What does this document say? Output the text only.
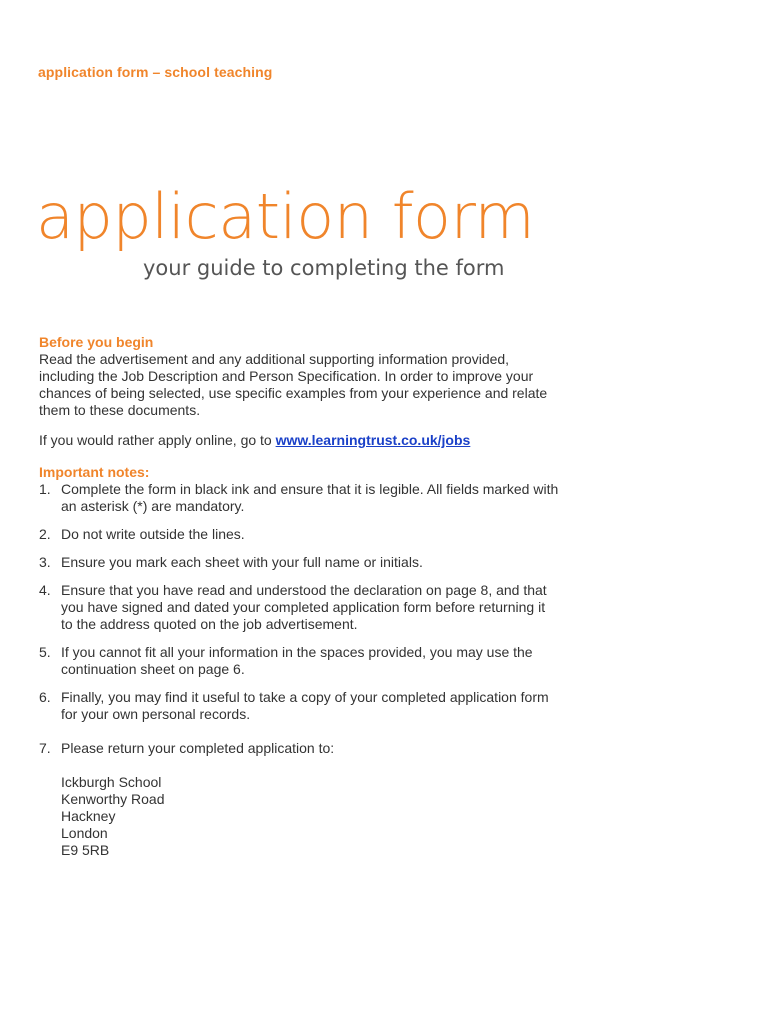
application form – school teaching
application form
your guide to completing the form
Before you begin

Read the advertisement and any additional supporting information provided, including the Job Description and Person Specification. In order to improve your chances of being selected, use specific examples from your experience and relate them to these documents.

If you would rather apply online, go to www.learningtrust.co.uk/jobs

Important notes:
1. Complete the form in black ink and ensure that it is legible. All fields marked with an asterisk (*) are mandatory.
2. Do not write outside the lines.
3. Ensure you mark each sheet with your full name or initials.
4. Ensure that you have read and understood the declaration on page 8, and that you have signed and dated your completed application form before returning it to the address quoted on the job advertisement.
5. If you cannot fit all your information in the spaces provided, you may use the continuation sheet on page 6.
6. Finally, you may find it useful to take a copy of your completed application form for your own personal records.
7. Please return your completed application to:
Ickburgh School
Kenworthy Road
Hackney
London
E9 5RB
